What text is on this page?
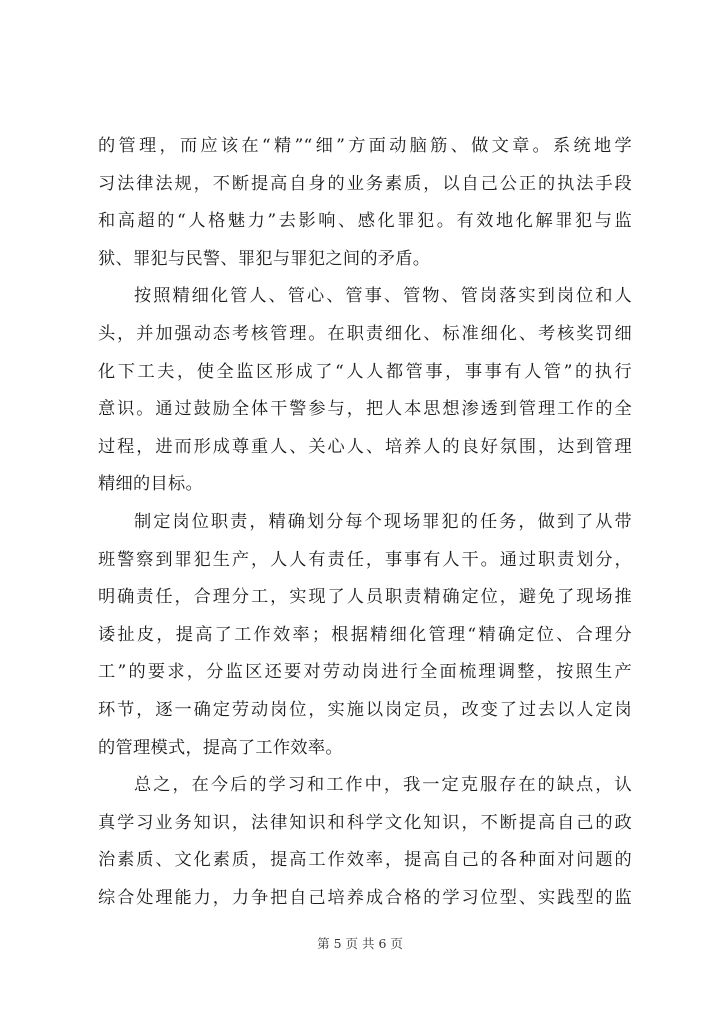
的管理，而应该在“精”“细”方面动脑筋、做文章。系统地学
习法律法规，不断提高自身的业务素质，以自己公正的执法手段
和高超的“人格魅力”去影响、感化罪犯。有效地化解罪犯与监
狱、罪犯与民警、罪犯与罪犯之间的矛盾。
按照精细化管人、管心、管事、管物、管岗落实到岗位和人
头，并加强动态考核管理。在职责细化、标准细化、考核奖罚细
化下工夫，使全监区形成了“人人都管事，事事有人管”的执行
意识。通过鼓励全体干警参与，把人本思想渗透到管理工作的全
过程，进而形成尊重人、关心人、培养人的良好氛围，达到管理
精细的目标。
制定岗位职责，精确划分每个现场罪犯的任务，做到了从带
班警察到罪犯生产，人人有责任，事事有人干。通过职责划分，
明确责任，合理分工，实现了人员职责精确定位，避免了现场推
诿扯皮，提高了工作效率；根据精细化管理“精确定位、合理分
工”的要求，分监区还要对劳动岗进行全面梳理调整，按照生产
环节，逐一确定劳动岗位，实施以岗定员，改变了过去以人定岗
的管理模式，提高了工作效率。
总之，在今后的学习和工作中，我一定克服存在的缺点，认
真学习业务知识，法律知识和科学文化知识，不断提高自己的政
治素质、文化素质，提高工作效率，提高自己的各种面对问题的
综合处理能力，力争把自己培养成合格的学习位型、实践型的监
第 5 页 共 6 页
